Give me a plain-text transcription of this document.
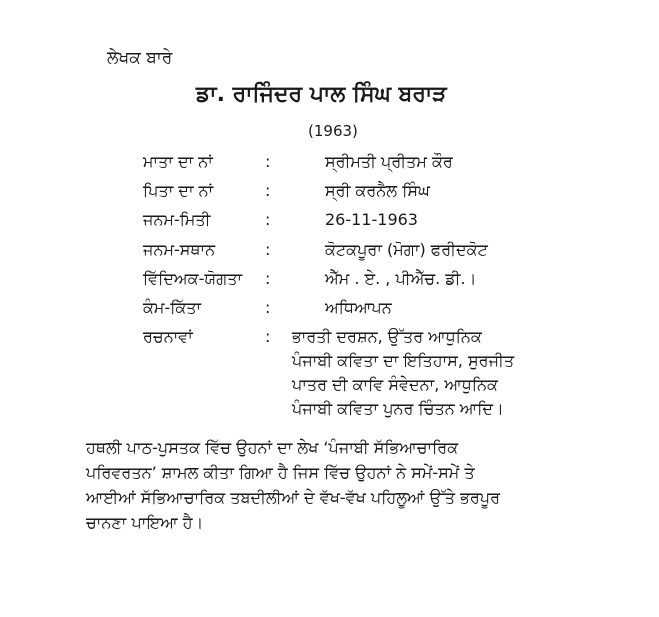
ਲੇਖਕ ਬਾਰੇ
ਡਾ. ਰਾਜਿੰਦਰ ਪਾਲ ਸਿੰਘ ਬਰਾੜ
(1963)
ਮਾਤਾ ਦਾ ਨਾਂ	:	ਸ੍ਰੀਮਤੀ ਪ੍ਰੀਤਮ ਕੌਰ
ਪਿਤਾ ਦਾ ਨਾਂ	:	ਸ੍ਰੀ ਕਰਨੈਲ ਸਿੰਘ
ਜਨਮ-ਮਿਤੀ	:	26-11-1963
ਜਨਮ-ਸਥਾਨ	:	ਕੋਟਕਪੂਰਾ (ਮੋਗਾ) ਫਰੀਦਕੋਟ
ਵਿੱਦਿਅਕ-ਯੋਗਤਾ :	ਐੱਮ . ਏ. , ਪੀਐੱਚ. ਡੀ.।
ਕੰਮ-ਕਿੱਤਾ	:	ਅਧਿਆਪਨ
ਰਚਨਾਵਾਂ	: ਭਾਰਤੀ ਦਰਸ਼ਨ, ਉੱਤਰ ਆਧੁਨਿਕ
ਪੰਜਾਬੀ ਕਵਿਤਾ ਦਾ ਇਤਿਹਾਸ, ਸੁਰਜੀਤ
ਪਾਤਰ ਦੀ ਕਾਵਿ ਸੰਵੇਦਨਾ, ਆਧੁਨਿਕ
ਪੰਜਾਬੀ ਕਵਿਤਾ ਪੁਨਰ ਚਿੰਤਨ ਆਦਿ।
ਹਥਲੀ ਪਾਠ-ਪੁਸਤਕ ਵਿੱਚ ਉਹਨਾਂ ਦਾ ਲੇਖ ‘ਪੰਜਾਬੀ ਸੱਭਿਆਚਾਰਿਕ
ਪਰਿਵਰਤਨ’ ਸ਼ਾਮਲ ਕੀਤਾ ਗਿਆ ਹੈ ਜਿਸ ਵਿੱਚ ਉਹਨਾਂ ਨੇ ਸਮੇਂ-ਸਮੇਂ ਤੇ
ਆਈਆਂ ਸੱਭਿਆਚਾਰਿਕ ਤਬਦੀਲੀਆਂ ਦੇ ਵੱਖ-ਵੱਖ ਪਹਿਲੂਆਂ ਉੱਤੇ ਭਰਪੂਰ
ਚਾਨਣਾ ਪਾਇਆ ਹੈ।
